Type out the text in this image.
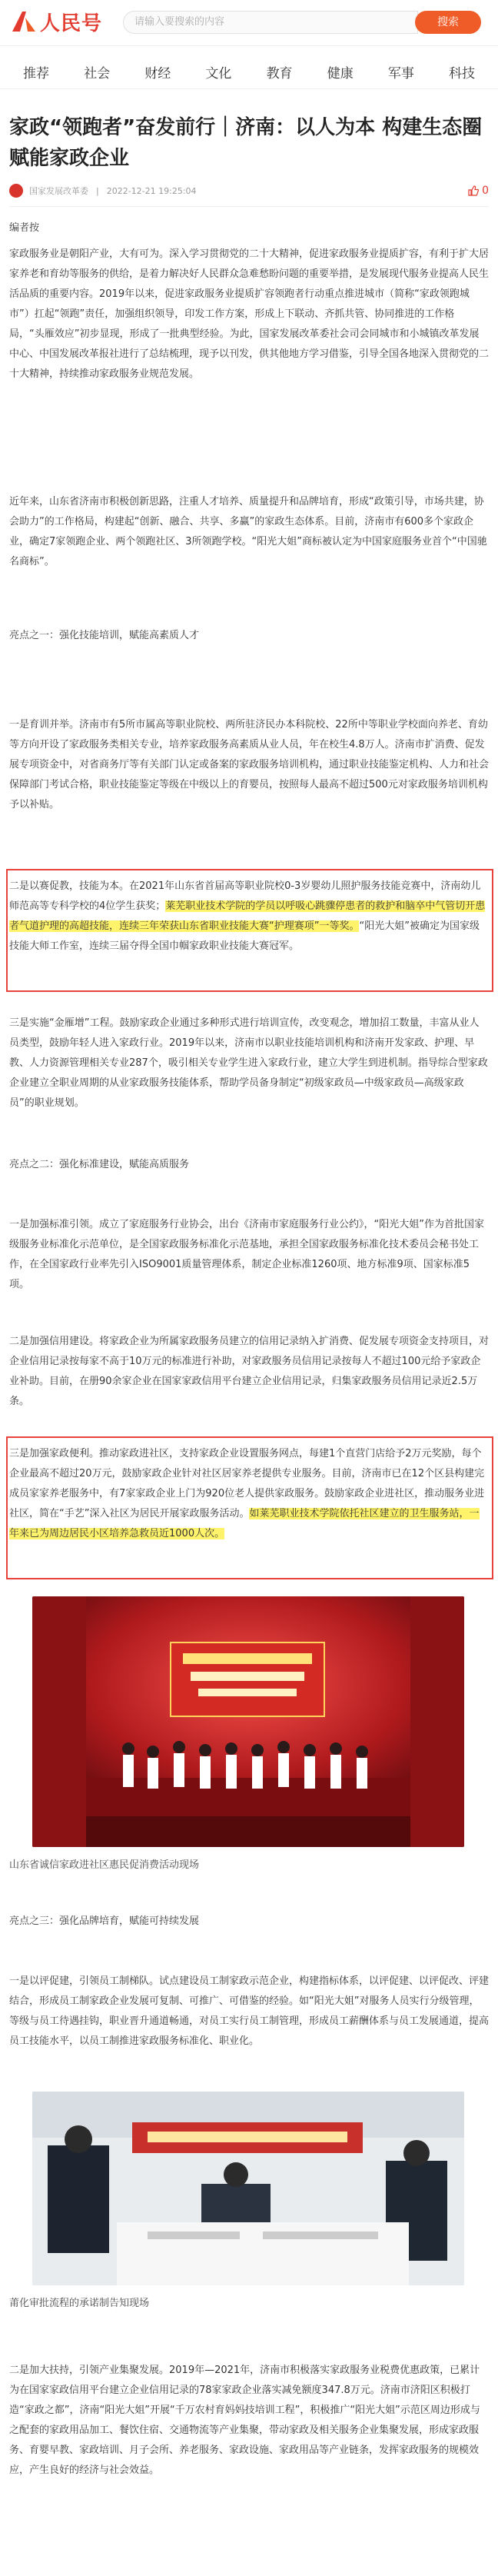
人民号	请输入要搜索的内容	搜索
推荐	社会	财经	文化	教育	健康	军事	科技
家政“领跑者”奋发前行｜济南：以人为本 构建生态圈赋能家政企业
国家发展改革委 | 2022-12-21 19:25:04	0
编者按
家政服务业是朝阳产业，大有可为。深入学习贯彻党的二十大精神，促进家政服务业提质扩容，有利于扩大居家养老和育幼等服务的供给，是着力解决好人民群众急难愁盼问题的重要举措，是发展现代服务业提高人民生活品质的重要内容。2019年以来，促进家政服务业提质扩容领跑者行动重点推进城市（简称“家政领跑城市”）扛起“领跑”责任，加强组织领导，印发工作方案，形成上下联动、齐抓共管、协同推进的工作格局，“头雁效应”初步显现，形成了一批典型经验。为此，国家发展改革委社会司会同城市和小城镇改革发展中心、中国发展改革报社进行了总结梳理，现予以刊发，供其他地方学习借鉴，引导全国各地深入贯彻党的二十大精神，持续推动家政服务业规范发展。
近年来，山东省济南市积极创新思路，注重人才培养、质量提升和品牌培育，形成“政策引导，市场共建，协会助力”的工作格局，构建起“创新、融合、共享、多赢”的家政生态体系。目前，济南市有600多个家政企业，确定7家领跑企业、两个领跑社区、3所领跑学校。“阳光大姐”商标被认定为中国家庭服务业首个“中国驰名商标”。
亮点之一：强化技能培训，赋能高素质人才
一是育训并举。济南市有5所市属高等职业院校、两所驻济民办本科院校、22所中等职业学校面向养老、育幼等方向开设了家政服务类相关专业，培养家政服务高素质从业人员，年在校生4.8万人。济南市扩消费、促发展专项资金中，对省商务厅等有关部门认定或备案的家政服务培训机构，通过职业技能鉴定机构、人力和社会保障部门考试合格，职业技能鉴定等级在中级以上的育婴员，按照每人最高不超过500元对家政服务培训机构予以补贴。
二是以赛促教，技能为本。在2021年山东省首届高等职业院校0-3岁婴幼儿照护服务技能竞赛中，济南幼儿师范高等专科学校的4位学生获奖；莱芜职业技术学院的学员以呼吸心跳骤停患者的救护和脑卒中气管切开患者气道护理的高超技能，连续三年荣获山东省职业技能大赛“护理赛项”一等奖。“阳光大姐”被确定为国家级技能大师工作室，连续三届夺得全国巾帼家政职业技能大赛冠军。
三是实施“金雁增”工程。鼓励家政企业通过多种形式进行培训宣传，改变观念，增加招工数量，丰富从业人员类型，鼓励年轻人进入家政行业。2019年以来，济南市以职业技能培训机构和济南开发家政、护理、早教、人力资源管理相关专业287个，吸引相关专业学生进入家政行业，建立大学生到进机制。指导综合型家政企业建立全职业周期的从业家政服务技能体系，帮助学员备身制定“初级家政员—中级家政员—高级家政员”的职业规划。
亮点之二：强化标准建设，赋能高质服务
一是加强标准引领。成立了家庭服务行业协会，出台《济南市家庭服务行业公约》，“阳光大姐”作为首批国家级服务业标准化示范单位，是全国家政服务标准化示范基地，承担全国家政服务标准化技术委员会秘书处工作，在全国家政行业率先引入ISO9001质量管理体系，制定企业标准1260项、地方标准9项、国家标准5项。
二是加强信用建设。将家政企业为所属家政服务员建立的信用记录纳入扩消费、促发展专项资金支持项目，对企业信用记录按每家不高于10万元的标准进行补助，对家政服务员信用记录按每人不超过100元给予家政企业补助。目前，在册90余家企业在国家家政信用平台建立企业信用记录，归集家政服务员信用记录近2.5万条。
三是加强家政便利。推动家政进社区，支持家政企业设置服务网点，每建1个直营门店给予2万元奖励，每个企业最高不超过20万元，鼓励家政企业针对社区居家养老提供专业服务。目前，济南市已在12个区县构建完成员家家养老服务中，有7家家政企业上门为920位老人提供家政服务。鼓励家政企业进社区，推动服务业进社区，简在“手艺”深入社区为居民开展家政服务活动。如莱芜职业技术学院依托社区建立的卫生服务站，一年来已为周边居民小区培养急救员近1000人次。
山东省诚信家政进社区惠民促消费活动现场
亮点之三：强化品牌培育，赋能可持续发展
一是以评促建，引领员工制梯队。试点建设员工制家政示范企业，构建指标体系，以评促建、以评促改、评建结合，形成员工制家政企业发展可复制、可推广、可借鉴的经验。如“阳光大姐”对服务人员实行分级管理，等级与员工待遇挂钩，职业晋升通道畅通，对员工实行员工制管理，形成员工薪酬体系与员工发展通道，提高员工技能水平，以员工制推进家政服务标准化、职业化。
莆化审批流程的承诺制告知现场
二是加大扶持，引领产业集聚发展。2019年—2021年，济南市积极落实家政服务业税费优惠政策，已累计为在国家家政信用平台建立企业信用记录的78家家政企业落实减免额度347.8万元。济南市济阳区积极打造“家政之都”，济南“阳光大姐”开展“千万农村育妈妈技培训工程”，积极推广“阳光大姐”示范区周边形成与之配套的家政用品加工、餐饮住宿、交通物流等产业集聚，带动家政及相关服务企业集聚发展，形成家政服务、育婴早教、家政培训、月子会所、养老服务、家政设施、家政用品等产业链条，发挥家政服务的规模效应，产生良好的经济与社会效益。
